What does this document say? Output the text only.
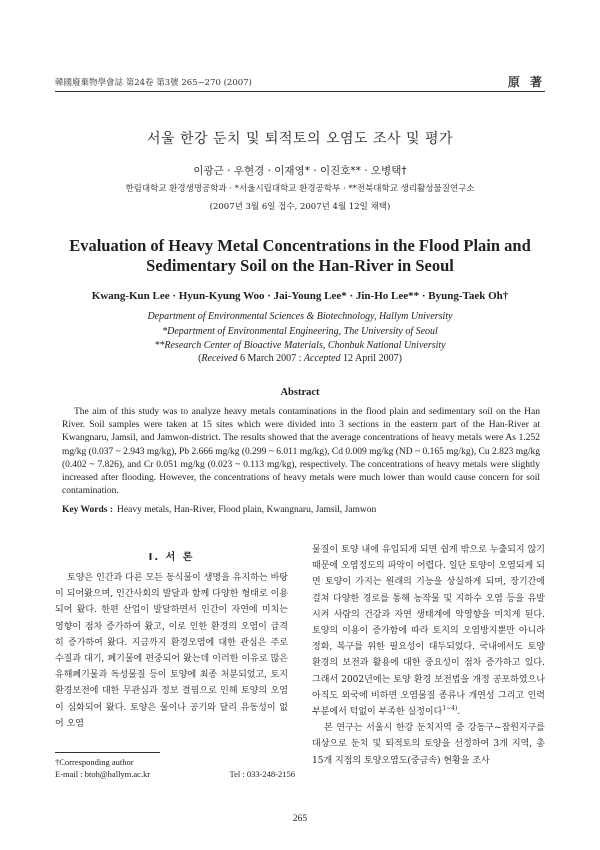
韓國廢棄物學會誌 第24卷 第3號 265~270 (2007)	原 著
서울 한강 둔치 및 퇴적토의 오염도 조사 및 평가
이광근 · 우현경 · 이재영* · 이진호** · 오병택†
한림대학교 환경생명공학과 · *서울시립대학교 환경공학부 · **전북대학교 생리활성물질연구소
(2007년 3월 6일 접수, 2007년 4월 12일 채택)
Evaluation of Heavy Metal Concentrations in the Flood Plain and
Sedimentary Soil on the Han-River in Seoul
Kwang-Kun Lee · Hyun-Kyung Woo · Jai-Young Lee* · Jin-Ho Lee** · Byung-Taek Oh†
Department of Environmental Sciences & Biotechnology, Hallym University
*Department of Environmental Engineering, The University of Seoul
**Research Center of Bioactive Materials, Chonbuk National University
(Received 6 March 2007 : Accepted 12 April 2007)
Abstract
The aim of this study was to analyze heavy metals contaminations in the flood plain and sedimentary soil on the Han River. Soil samples were taken at 15 sites which were divided into 3 sections in the eastern part of the Han-River at Kwangnaru, Jamsil, and Jamwon-district. The results showed that the average concentrations of heavy metals were As 1.252 mg/kg (0.037 ~ 2.943 mg/kg), Pb 2.666 mg/kg (0.299 ~ 6.011 mg/kg), Cd 0.009 mg/kg (ND ~ 0.165 mg/kg), Cu 2.823 mg/kg (0.402 ~ 7.826), and Cr 0.051 mg/kg (0.023 ~ 0.113 mg/kg), respectively. The concentrations of heavy metals were slightly increased after flooding. However, the concentrations of heavy metals were much lower than would cause concern for soil contamination.
Key Words : Heavy metals, Han-River, Flood plain, Kwangnaru, Jamsil, Jamwon
I. 서 론

토양은 인간과 다른 모든 동식물이 생명을 유지하는 바탕이 되어왔으며, 인간사회의 발달과 함께 다양한 형태로 이용되어 왔다. 한편 산업이 발달하면서 인간이 자연에 미치는 영향이 점차 증가하여 왔고, 이로 인한 환경의 오염이 급격히 증가하여 왔다. 지금까지 환경오염에 대한 관심은 주로 수질과 대기, 폐기물에 편중되어 왔는데 이러한 이유로 많은 유해폐기물과 독성물질 등이 토양에 최종 처분되었고, 토지 환경보전에 대한 무관심과 정보 결핍으로 인해 토양의 오염이 심화되어 왔다. 토양은 물이나 공기와 달리 유동성이 없어 오염

물질이 토양 내에 유입되게 되면 쉽게 밖으로 누출되지 않기 때문에 오염정도의 파악이 어렵다. 일단 토양이 오염되게 되면 토양이 가지는 원래의 기능을 상실하게 되며, 장기간에 걸쳐 다양한 경로를 통해 농작물 및 지하수 오염 등을 유발시켜 사람의 건강과 자연 생태계에 악영향을 미치게 된다. 토양의 이용이 증가함에 따라 토지의 오염방지뿐만 아니라 정화, 복구를 위한 필요성이 대두되었다. 국내에서도 토양 환경의 보전과 활용에 대한 중요성이 점차 증가하고 있다. 그래서 2002년에는 토양 환경 보전법을 개정 공포하였으나 아직도 외국에 비하면 오염물질 종류나 개연성 그리고 인력 부분에서 턱없이 부족한 실정이다$^{1\sim 4)}$.

본 연구는 서울시 한강 둔치지역 중 강동구~잠원지구를 대상으로 둔치 및 퇴적토의 토양을 선정하여 3개 지역, 총 15개 지점의 토양오염도(중금속) 현황을 조사

†Corresponding author
E-mail : btoh@hallym.ac.kr	Tel : 033-248-2156
265
